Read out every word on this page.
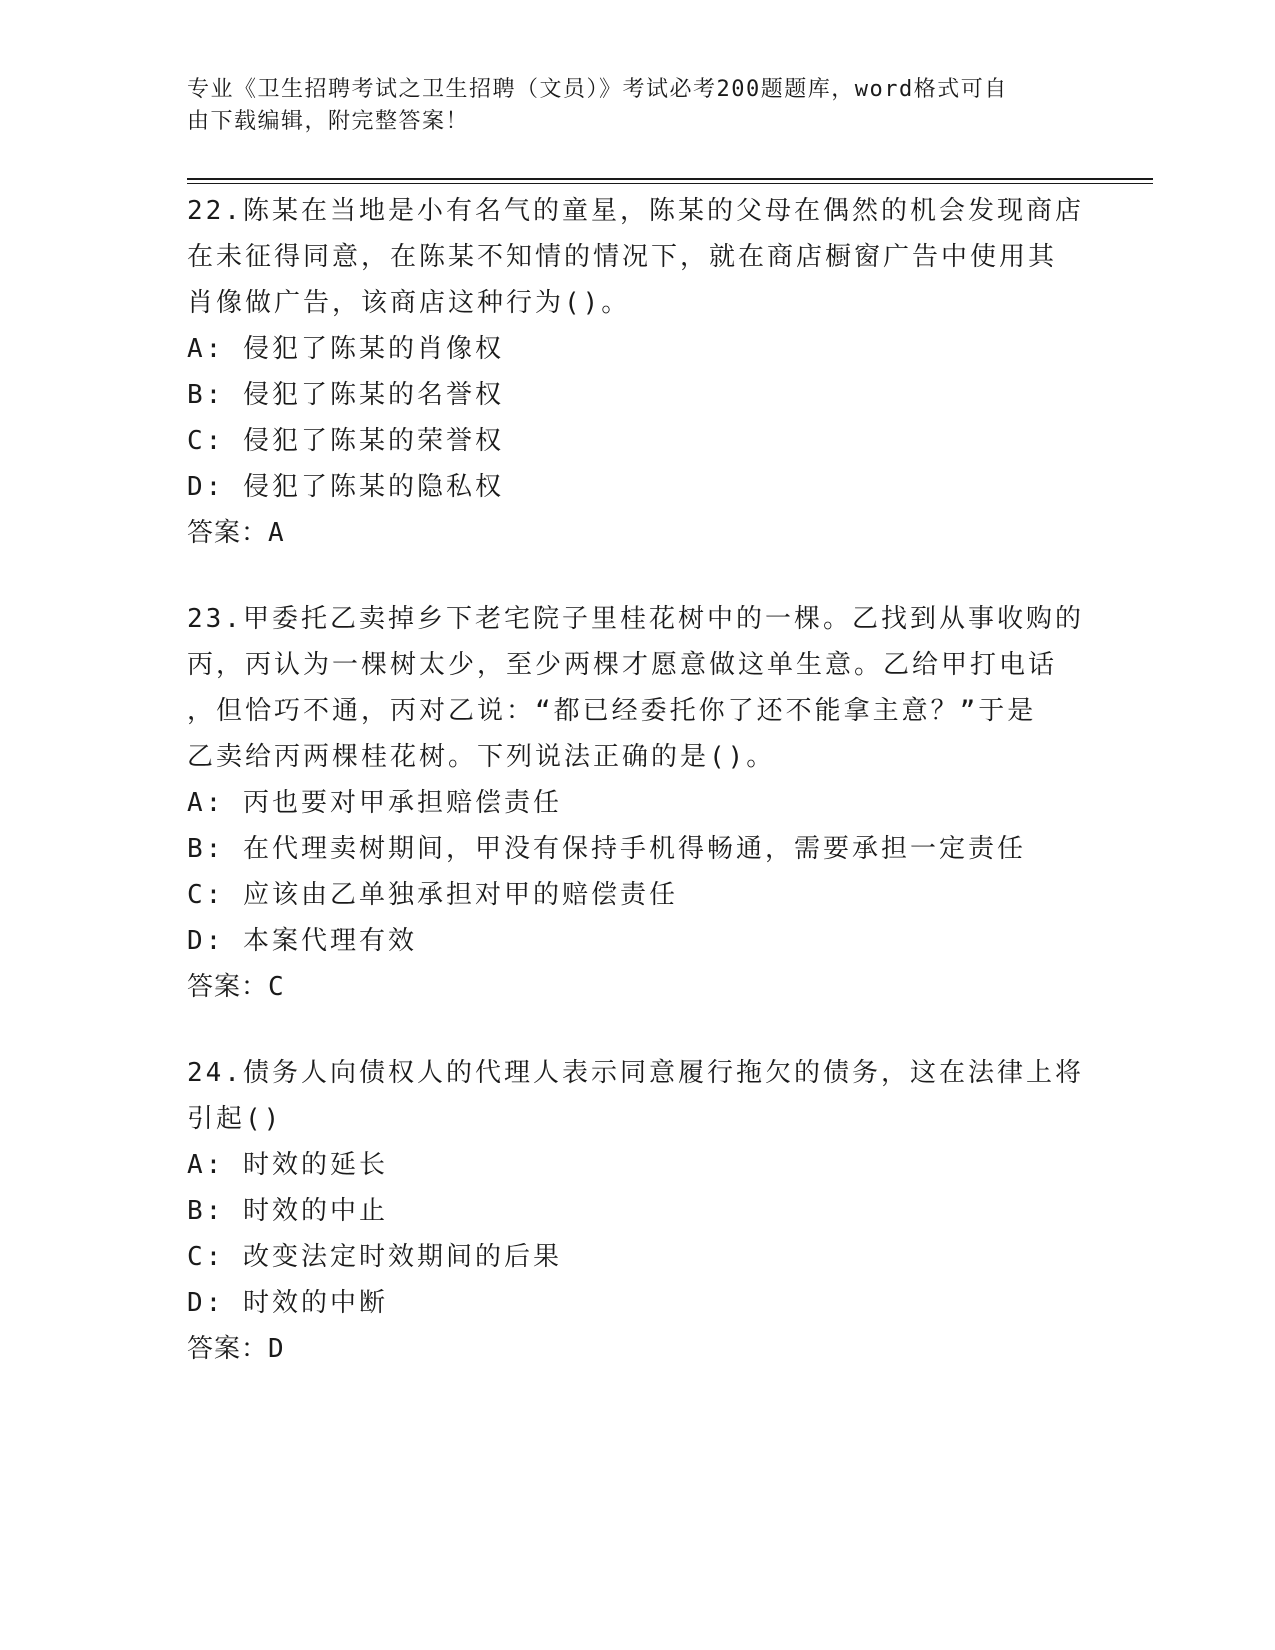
专业《卫生招聘考试之卫生招聘（文员）》考试必考200题题库，word格式可自
由下载编辑，附完整答案！

22.陈某在当地是小有名气的童星，陈某的父母在偶然的机会发现商店

在未征得同意，在陈某不知情的情况下，就在商店橱窗广告中使用其

肖像做广告，该商店这种行为()。

A: 侵犯了陈某的肖像权

B: 侵犯了陈某的名誉权

C: 侵犯了陈某的荣誉权

D: 侵犯了陈某的隐私权

答案：A

23.甲委托乙卖掉乡下老宅院子里桂花树中的一棵。乙找到从事收购的

丙，丙认为一棵树太少，至少两棵才愿意做这单生意。乙给甲打电话

，但恰巧不通，丙对乙说：“都已经委托你了还不能拿主意？”于是

乙卖给丙两棵桂花树。下列说法正确的是()。

A: 丙也要对甲承担赔偿责任

B: 在代理卖树期间，甲没有保持手机得畅通，需要承担一定责任

C: 应该由乙单独承担对甲的赔偿责任

D: 本案代理有效

答案：C

24.债务人向债权人的代理人表示同意履行拖欠的债务，这在法律上将

引起()

A: 时效的延长

B: 时效的中止

C: 改变法定时效期间的后果

D: 时效的中断

答案：D
